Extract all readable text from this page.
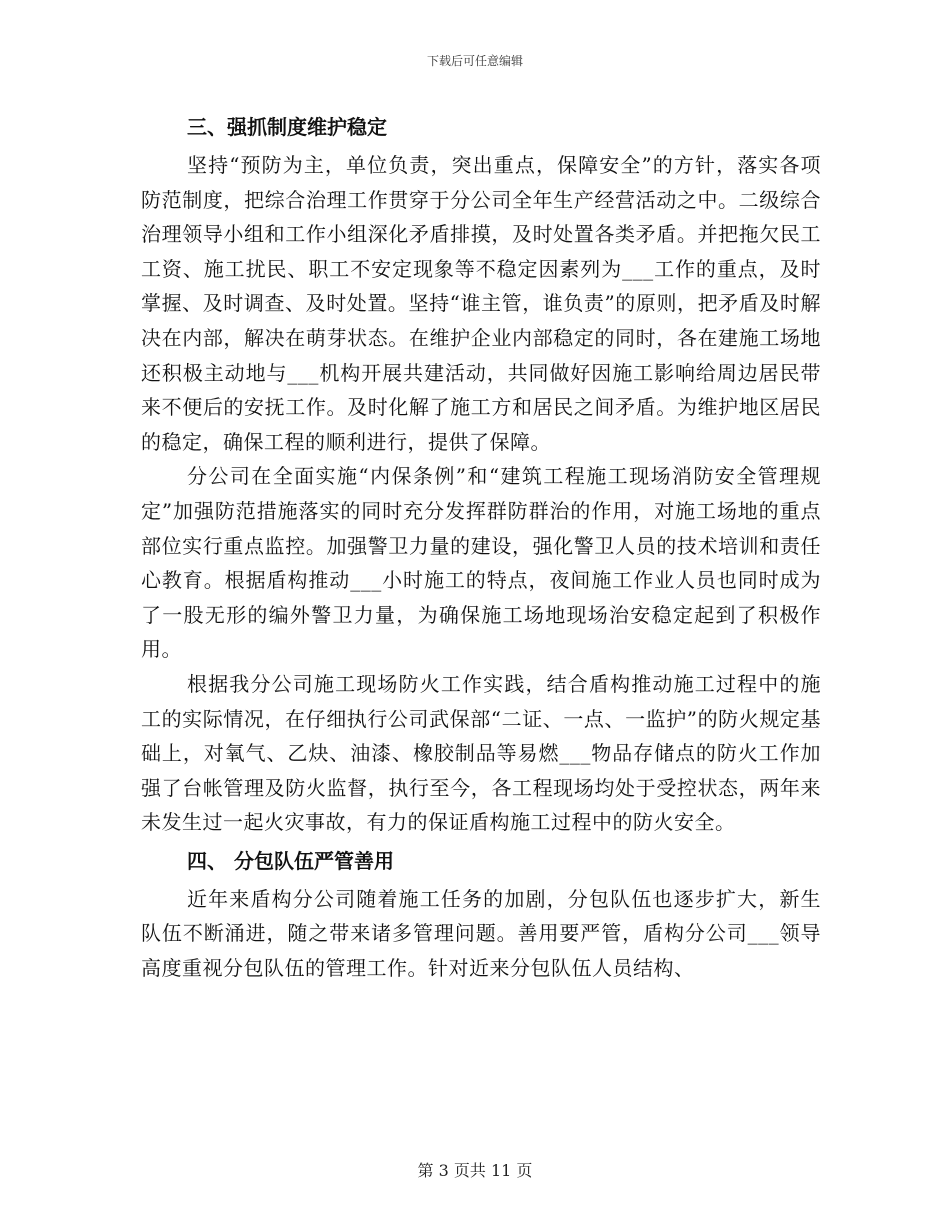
下载后可任意编辑

三、强抓制度维护稳定

坚持“预防为主，单位负责，突出重点，保障安全”的方针，落实各项防范制度，把综合治理工作贯穿于分公司全年生产经营活动之中。二级综合治理领导小组和工作小组深化矛盾排摸，及时处置各类矛盾。并把拖欠民工工资、施工扰民、职工不安定现象等不稳定因素列为___工作的重点，及时掌握、及时调查、及时处置。坚持“谁主管，谁负责”的原则，把矛盾及时解决在内部，解决在萌芽状态。在维护企业内部稳定的同时，各在建施工场地还积极主动地与___机构开展共建活动，共同做好因施工影响给周边居民带来不便后的安抚工作。及时化解了施工方和居民之间矛盾。为维护地区居民的稳定，确保工程的顺利进行，提供了保障。

分公司在全面实施“内保条例”和“建筑工程施工现场消防安全管理规定”加强防范措施落实的同时充分发挥群防群治的作用，对施工场地的重点部位实行重点监控。加强警卫力量的建设，强化警卫人员的技术培训和责任心教育。根据盾构推动___小时施工的特点，夜间施工作业人员也同时成为了一股无形的编外警卫力量，为确保施工场地现场治安稳定起到了积极作用。

根据我分公司施工现场防火工作实践，结合盾构推动施工过程中的施工的实际情况，在仔细执行公司武保部“二证、一点、一监护”的防火规定基础上，对氧气、乙炔、油漆、橡胶制品等易燃___物品存储点的防火工作加强了台帐管理及防火监督，执行至今，各工程现场均处于受控状态，两年来未发生过一起火灾事故，有力的保证盾构施工过程中的防火安全。

四、 分包队伍严管善用

近年来盾构分公司随着施工任务的加剧，分包队伍也逐步扩大，新生队伍不断涌进，随之带来诸多管理问题。善用要严管，盾构分公司___领导高度重视分包队伍的管理工作。针对近来分包队伍人员结构、

第 3 页共 11 页
